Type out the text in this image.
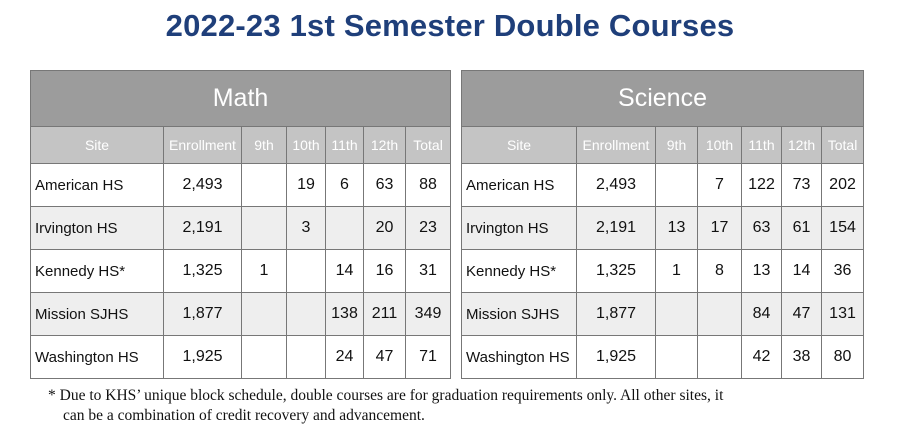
2022-23 1st Semester Double Courses
Math						
Site	Enrollment	9th	10th	11th	12th	Total
American HS	2,493		19	6	63	88
Irvington HS	2,191		3		20	23
Kennedy HS*	1,325	1		14	16	31
Mission SJHS	1,877			138	211	349
Washington HS	1,925			24	47	71
Science						
Site	Enrollment	9th	10th	11th	12th	Total
American HS	2,493		7	122	73	202
Irvington HS	2,191	13	17	63	61	154
Kennedy HS*	1,325	1	8	13	14	36
Mission SJHS	1,877			84	47	131
Washington HS	1,925			42	38	80
* Due to KHS’ unique block schedule, double courses are for graduation requirements only. All other sites, it
can be a combination of credit recovery and advancement.
